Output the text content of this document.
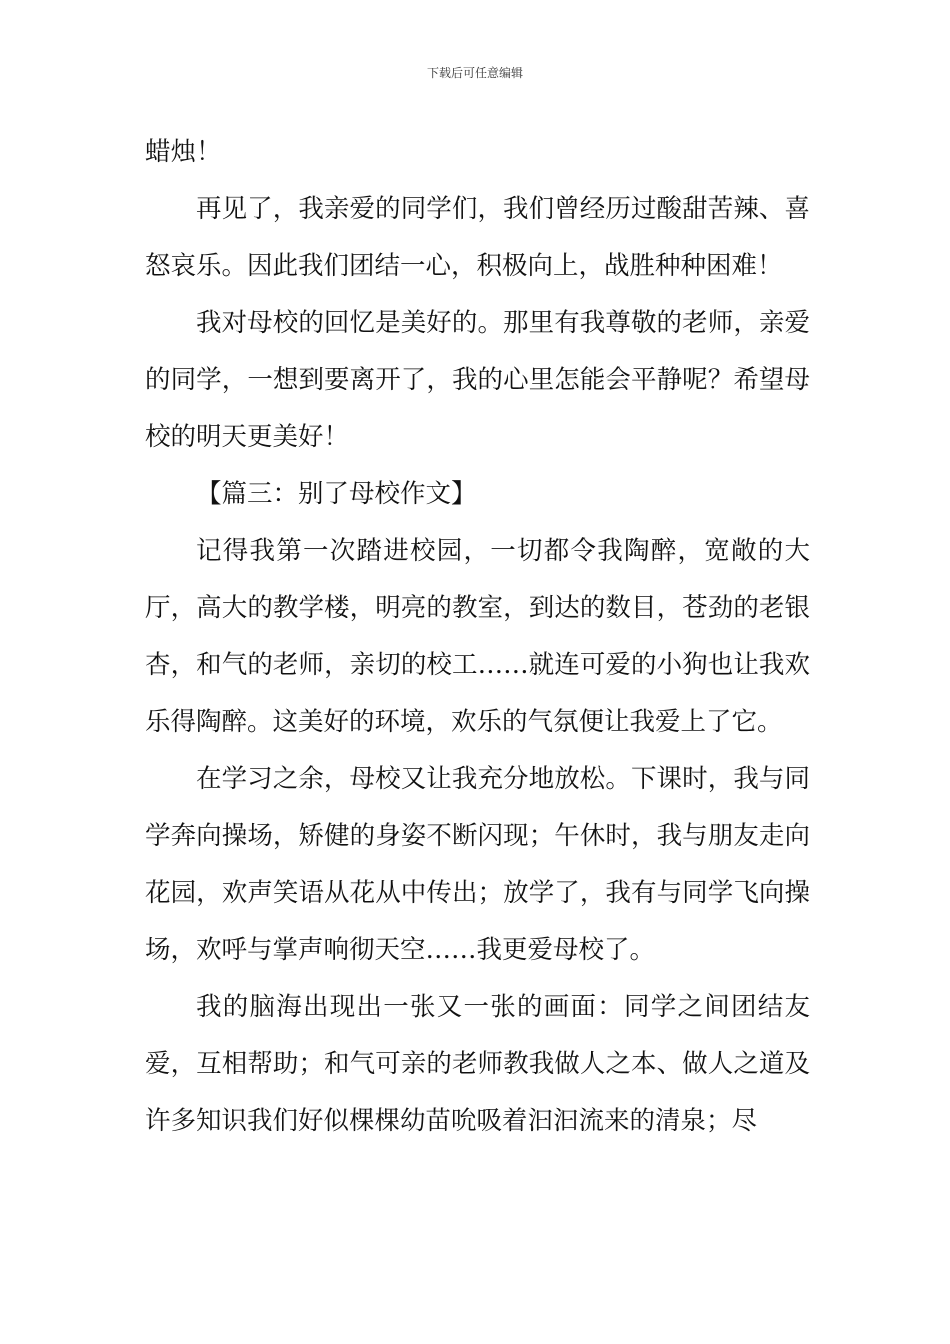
下载后可任意编辑

蜡烛！

再见了，我亲爱的同学们，我们曾经历过酸甜苦辣、喜怒哀乐。因此我们团结一心，积极向上，战胜种种困难！

我对母校的回忆是美好的。那里有我尊敬的老师，亲爱的同学，一想到要离开了，我的心里怎能会平静呢？希望母校的明天更美好！

【篇三：别了母校作文】

记得我第一次踏进校园，一切都令我陶醉，宽敞的大厅，高大的教学楼，明亮的教室，到达的数目，苍劲的老银杏，和气的老师，亲切的校工……就连可爱的小狗也让我欢乐得陶醉。这美好的环境，欢乐的气氛便让我爱上了它。

在学习之余，母校又让我充分地放松。下课时，我与同学奔向操场，矫健的身姿不断闪现；午休时，我与朋友走向花园，欢声笑语从花从中传出；放学了，我有与同学飞向操场，欢呼与掌声响彻天空……我更爱母校了。

我的脑海出现出一张又一张的画面：同学之间团结友爱，互相帮助；和气可亲的老师教我做人之本、做人之道及许多知识我们好似棵棵幼苗吮吸着汩汩流来的清泉；尽
